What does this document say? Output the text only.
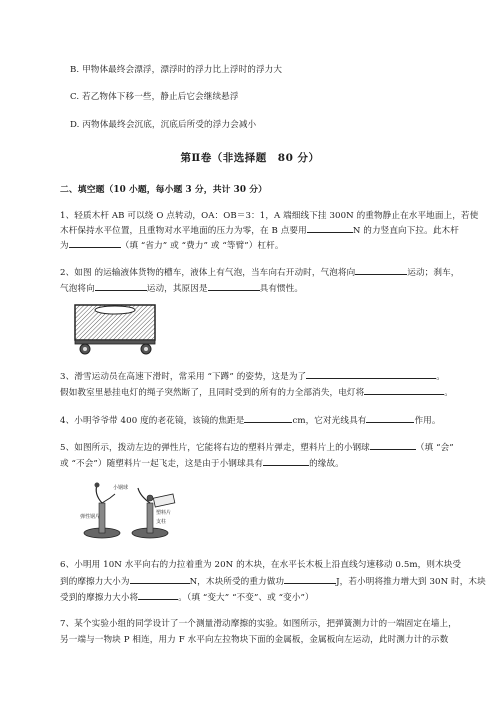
B. 甲物体最终会漂浮，漂浮时的浮力比上浮时的浮力大
C. 若乙物体下移一些，静止后它会继续悬浮
D. 丙物体最终会沉底，沉底后所受的浮力会减小
第Ⅱ卷（非选择题　80 分）
二、填空题（10 小题，每小题 3 分，共计 30 分）
1、轻质木杆 AB 可以绕 O 点转动，OA：OB＝3：1，A 端细线下挂 300N 的重物静止在水平地面上，若使
木杆保持水平位置，且重物对水平地面的压力为零，在 B 点要用	N 的力竖直向下拉。此木杆
为	（填 “省力” 或 “费力” 或 “等臂”）杠杆。
2、如图 的运输液体货物的槽车，液体上有气泡，当车向右开动时，气泡将向	运动；刹车，
气泡将向	运动，其原因是	具有惯性。
3、滑雪运动员在高速下滑时，常采用 “下蹲” 的姿势，这是为了	。
假如教室里悬挂电灯的绳子突然断了，且同时受到的所有的力全部消失，电灯将	。
4、小明爷爷带 400 度的老花镜，该镜的焦距是	cm，它对光线具有	作用。
5、如图所示，拨动左边的弹性片，它能将右边的塑料片弹走，塑料片上的小钢球	（填 “会”
或 “不会”）随塑料片一起飞走，这是由于小钢球具有	的缘故。
小钢球
塑料片
支柱
弹性钢片
6、小明用 10N 水平向右的力拉着重为 20N 的木块，在水平长木板上沿直线匀速移动 0.5m，则木块受
到的摩擦力大小为	N，木块所受的重力做功	J，若小明将推力增大到 30N 时，木块
受到的摩擦力大小将	。（填 “变大” “不变”、或 “变小”）
7、某个实验小组的同学设计了一个测量滑动摩擦的实验。如图所示，把弹簧测力计的一端固定在墙上，
另一端与一物块 P 相连，用力 F 水平向左拉物块下面的金属板，金属板向左运动，此时测力计的示数
